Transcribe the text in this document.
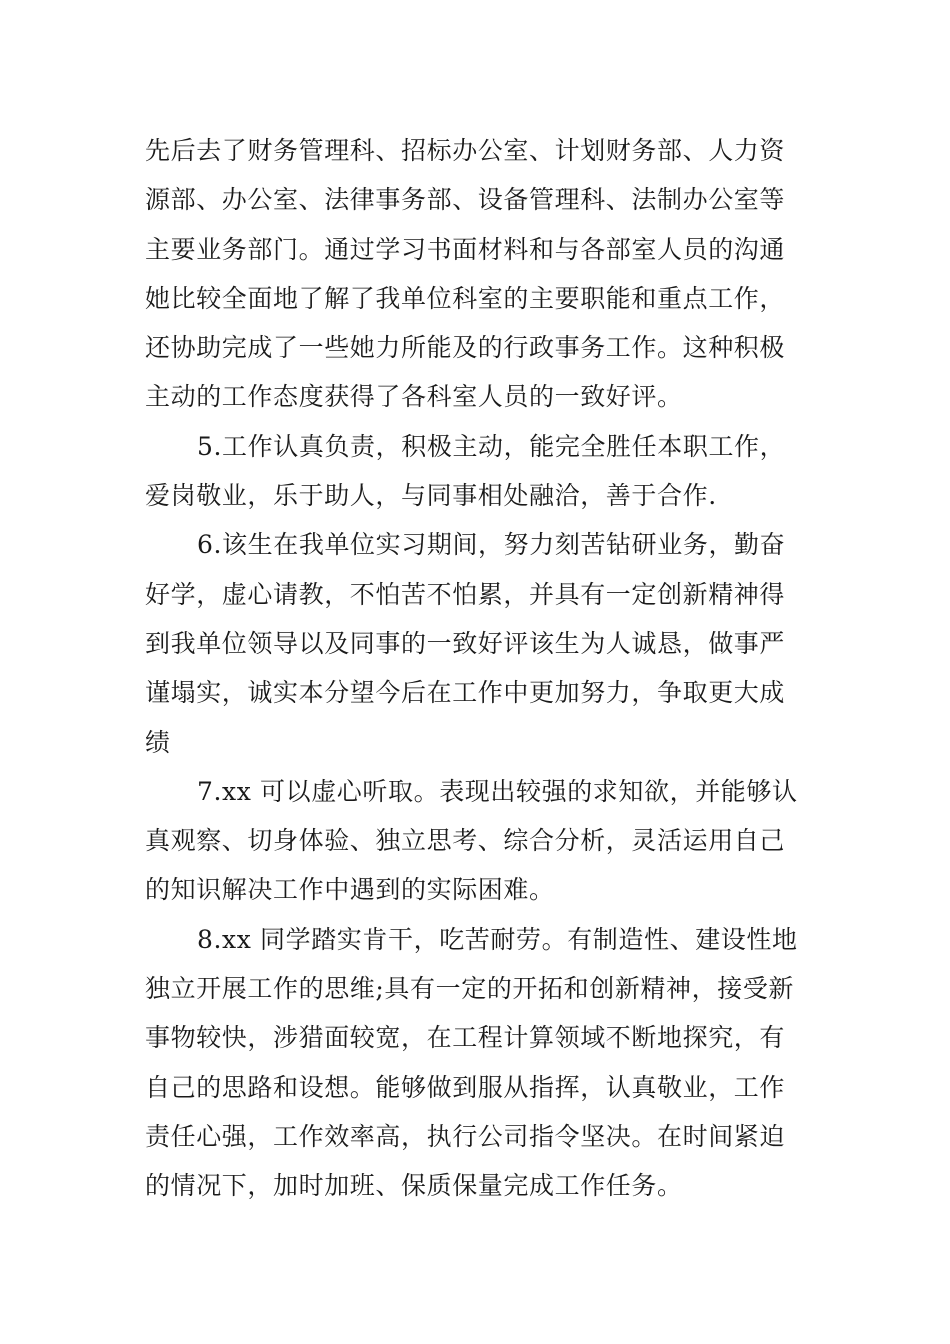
先后去了财务管理科、招标办公室、计划财务部、人力资
源部、办公室、法律事务部、设备管理科、法制办公室等
主要业务部门。通过学习书面材料和与各部室人员的沟通
她比较全面地了解了我单位科室的主要职能和重点工作，
还协助完成了一些她力所能及的行政事务工作。这种积极
主动的工作态度获得了各科室人员的一致好评。
5.工作认真负责，积极主动，能完全胜任本职工作，
爱岗敬业，乐于助人，与同事相处融洽，善于合作.
6.该生在我单位实习期间，努力刻苦钻研业务，勤奋
好学，虚心请教，不怕苦不怕累，并具有一定创新精神得
到我单位领导以及同事的一致好评该生为人诚恳，做事严
谨塌实，诚实本分望今后在工作中更加努力，争取更大成
绩
7.xx 可以虚心听取。表现出较强的求知欲，并能够认
真观察、切身体验、独立思考、综合分析，灵活运用自己
的知识解决工作中遇到的实际困难。
8.xx 同学踏实肯干，吃苦耐劳。有制造性、建设性地
独立开展工作的思维;具有一定的开拓和创新精神，接受新
事物较快，涉猎面较宽，在工程计算领域不断地探究，有
自己的思路和设想。能够做到服从指挥，认真敬业，工作
责任心强，工作效率高，执行公司指令坚决。在时间紧迫
的情况下，加时加班、保质保量完成工作任务。
